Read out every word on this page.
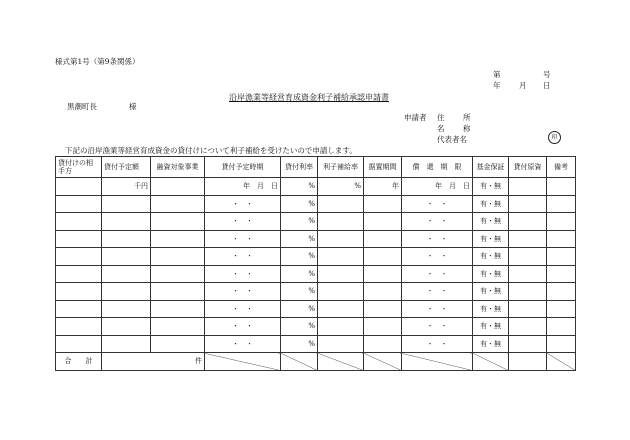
様式第1号（第9条関係）
第	号
年 月 日
沿岸漁業等経営育成資金利子補給承認申請書
黒潮町長	様
申請者 住 所
名 称
代表者名	印
下記の沿岸漁業等経営育成資金の貸付けについて利子補給を受けたいので申請します。
貸付けの相手方	貸付予定額	融資対象事業	貸付予定時期	貸付利率	利子補給率	据置期間	償　還　期　限	基金保証	貸付原資	備考
	千円		年　月　日	%	%	年	年　月　日	有・無		
			・　・	%			・　・	有・無		
			・　・	%			・　・	有・無		
			・　・	%			・　・	有・無		
			・　・	%			・　・	有・無		
			・　・	%			・　・	有・無		
			・　・	%			・　・	有・無		
			・　・	%			・　・	有・無		
			・　・	%			・　・	有・無		
			・　・	%			・　・	有・無		
合　　計	件									
